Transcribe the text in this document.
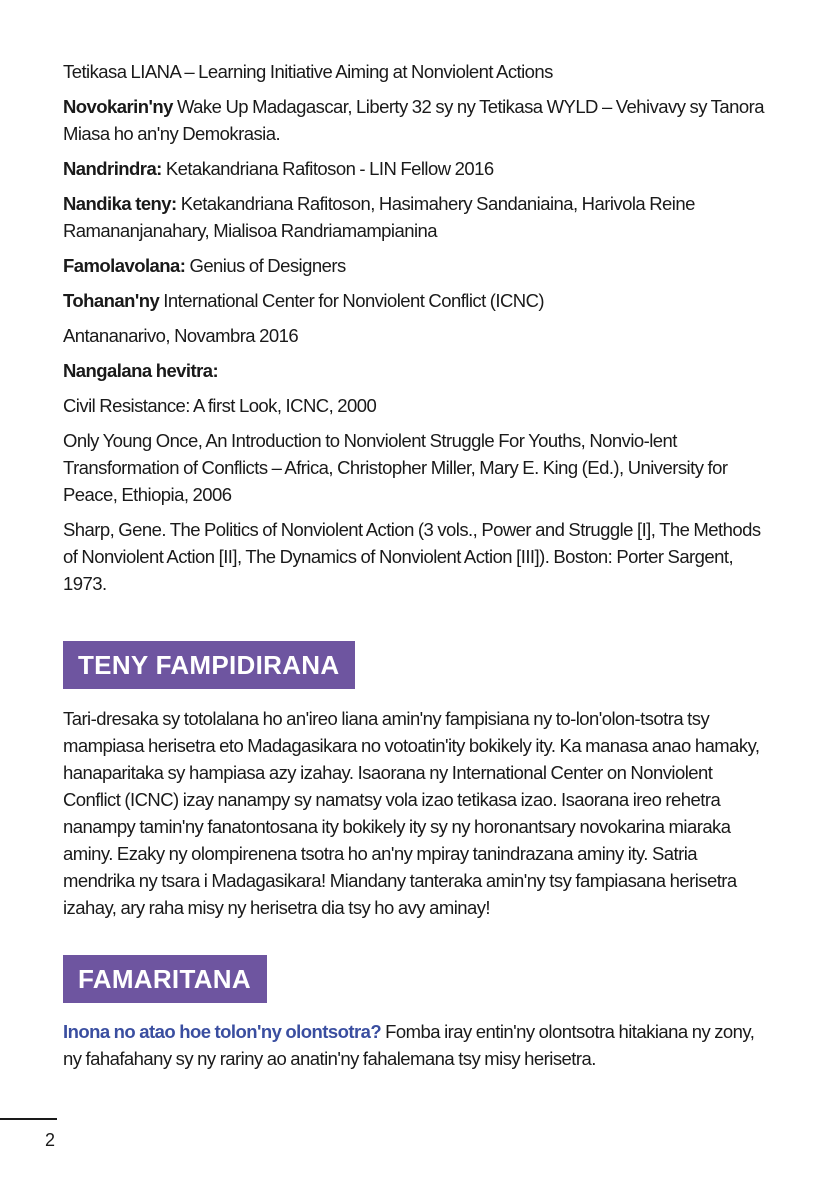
Tetikasa LIANA – Learning Initiative Aiming at Nonviolent Actions

Novokarin'ny Wake Up Madagascar, Liberty 32 sy ny Tetikasa WYLD – Vehivavy sy Tanora Miasa ho an'ny Demokrasia.

Nandrindra: Ketakandriana Rafitoson - LIN Fellow 2016

Nandika teny: Ketakandriana Rafitoson, Hasimahery Sandaniaina, Harivola Reine Ramananjanahary, Mialisoa Randriamampianina

Famolavolana: Genius of Designers

Tohanan'ny International Center for Nonviolent Conflict (ICNC)

Antananarivo, Novambra 2016

Nangalana hevitra:

Civil Resistance: A first Look, ICNC, 2000

Only Young Once, An Introduction to Nonviolent Struggle For Youths, Nonvio-lent Transformation of Conflicts – Africa, Christopher Miller, Mary E. King (Ed.), University for Peace, Ethiopia, 2006

Sharp, Gene. The Politics of Nonviolent Action (3 vols., Power and Struggle [I], The Methods of Nonviolent Action [II], The Dynamics of Nonviolent Action [III]). Boston: Porter Sargent, 1973.

TENY FAMPIDIRANA

Tari-dresaka sy totolalana ho an'ireo liana amin'ny fampisiana ny to-lon'olon-tsotra tsy mampiasa herisetra eto Madagasikara no votoatin'ity bokikely ity. Ka manasa anao hamaky, hanaparitaka sy hampiasa azy izahay. Isaorana ny International Center on Nonviolent Conflict (ICNC) izay nanampy sy namatsy vola izao tetikasa izao. Isaorana ireo rehetra nanampy tamin'ny fanatontosana ity bokikely ity sy ny horonantsary novokarina miaraka aminy. Ezaky ny olompirenena tsotra ho an'ny mpiray tanindrazana aminy ity. Satria mendrika ny tsara i Madagasikara! Miandany tanteraka amin'ny tsy fampiasana herisetra izahay, ary raha misy ny herisetra dia tsy ho avy aminay!

FAMARITANA

Inona no atao hoe tolon'ny olontsotra? Fomba iray entin'ny olontsotra hitakiana ny zony, ny fahafahany sy ny rariny ao anatin'ny fahalemana tsy misy herisetra.

2
